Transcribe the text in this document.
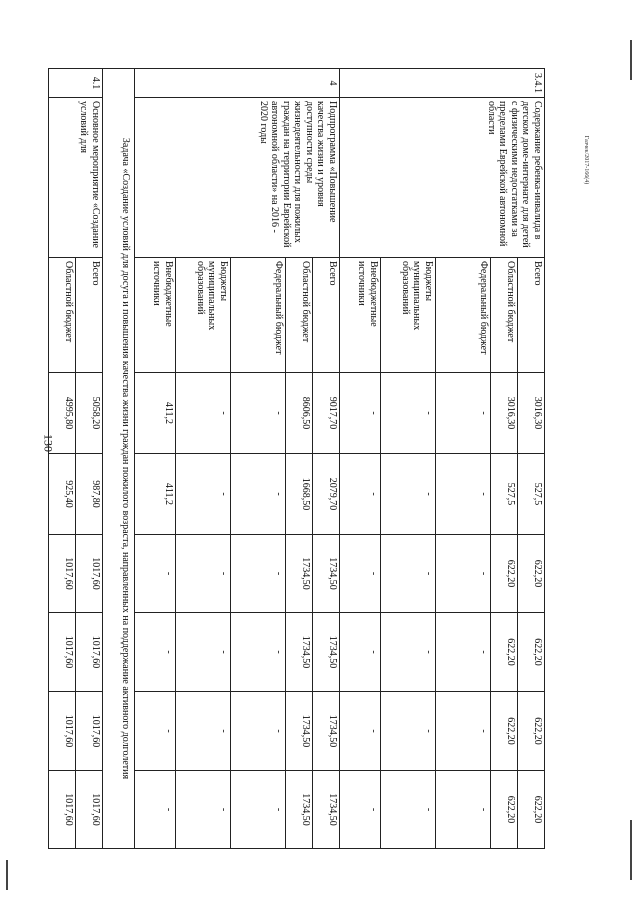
130
Газчек/2017-166(4)
3.4.1	Содержание ребенка-инвалида в детском доме-интернате для детей с физическими недостатками за пределами Еврейской автономной области	Всего	3016,30	527,5	622,20	622,20	622,20	622,20
		Областной бюджет	3016,30	527,5	622,20	622,20	622,20	622,20
		Федеральный бюджет	-	-	-	-	-	-
		Бюджеты муниципальных образований	-	-	-	-	-	-
		Внебюджетные источники	-	-	-	-	-	-
4	Подпрограмма «Повышение качества жизни и уровня доступности среды жизнедеятельности для пожилых граждан на территории Еврейской автономной области» на 2016 - 2020 годы	Всего	9017,70	2079,70	1734,50	1734,50	1734,50	1734,50
		Областной бюджет	8606,50	1668,50	1734,50	1734,50	1734,50	1734,50
		Федеральный бюджет	-	-	-	-	-	-
		Бюджеты муниципальных образований	-	-	-	-	-	-
		Внебюджетные источники	411,2	411,2	-	-	-	-
Задача «Создание условий для досуга и повышения качества жизни граждан пожилого возраста, направленных на поддержание активного долголетия								
4.1	Основное мероприятие «Создание условий для	Всего	5058,20	987,80	1017,60	1017,60	1017,60	1017,60
		Областной бюджет	4995,80	925,40	1017,60	1017,60	1017,60	1017,60
